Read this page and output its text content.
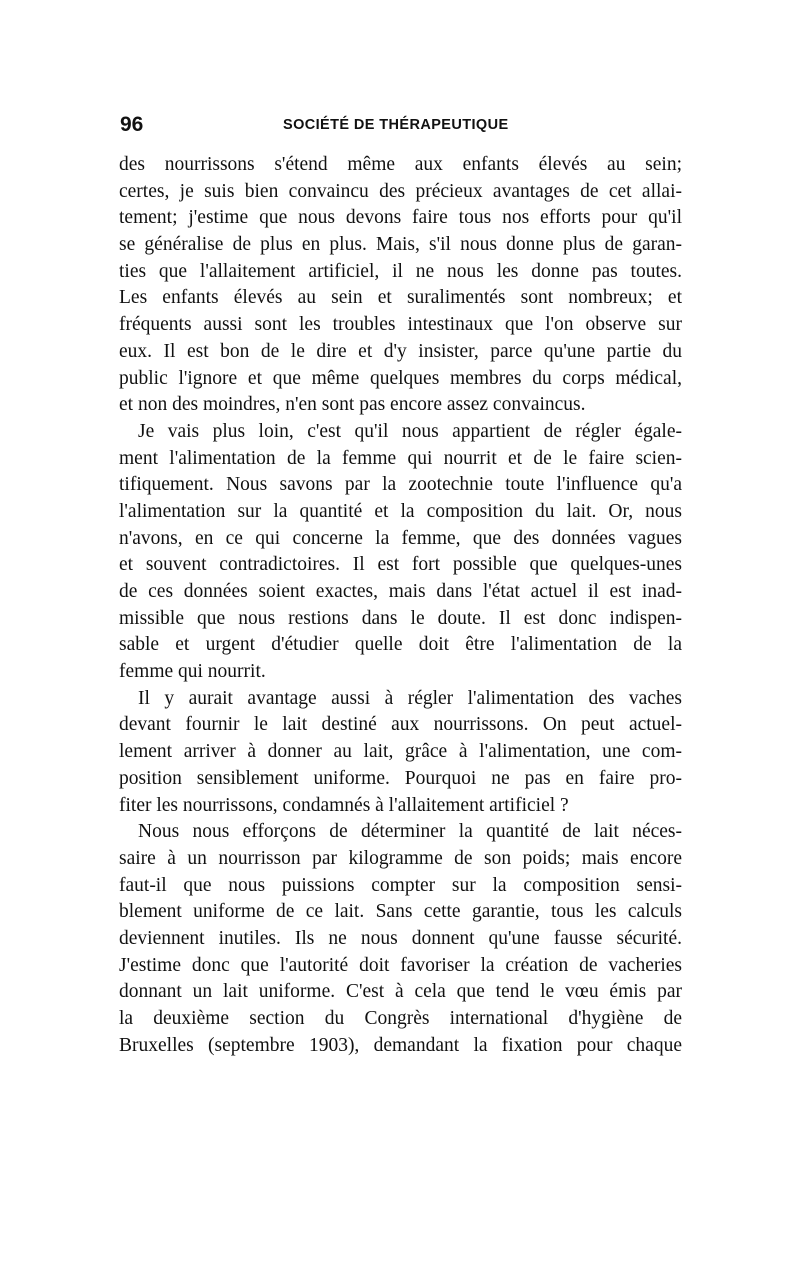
96	SOCIÉTÉ DE THÉRAPEUTIQUE
des nourrissons s'étend même aux enfants élevés au sein;
certes, je suis bien convaincu des précieux avantages de cet allai-
tement; j'estime que nous devons faire tous nos efforts pour qu'il
se généralise de plus en plus. Mais, s'il nous donne plus de garan-
ties que l'allaitement artificiel, il ne nous les donne pas toutes.
Les enfants élevés au sein et suralimentés sont nombreux; et
fréquents aussi sont les troubles intestinaux que l'on observe sur
eux. Il est bon de le dire et d'y insister, parce qu'une partie du
public l'ignore et que même quelques membres du corps médical,
et non des moindres, n'en sont pas encore assez convaincus.
Je vais plus loin, c'est qu'il nous appartient de régler égale-
ment l'alimentation de la femme qui nourrit et de le faire scien-
tifiquement. Nous savons par la zootechnie toute l'influence qu'a
l'alimentation sur la quantité et la composition du lait. Or, nous
n'avons, en ce qui concerne la femme, que des données vagues
et souvent contradictoires. Il est fort possible que quelques-unes
de ces données soient exactes, mais dans l'état actuel il est inad-
missible que nous restions dans le doute. Il est donc indispen-
sable et urgent d'étudier quelle doit être l'alimentation de la
femme qui nourrit.
Il y aurait avantage aussi à régler l'alimentation des vaches
devant fournir le lait destiné aux nourrissons. On peut actuel-
lement arriver à donner au lait, grâce à l'alimentation, une com-
position sensiblement uniforme. Pourquoi ne pas en faire pro-
fiter les nourrissons, condamnés à l'allaitement artificiel ?
Nous nous efforçons de déterminer la quantité de lait néces-
saire à un nourrisson par kilogramme de son poids; mais encore
faut-il que nous puissions compter sur la composition sensi-
blement uniforme de ce lait. Sans cette garantie, tous les calculs
deviennent inutiles. Ils ne nous donnent qu'une fausse sécurité.
J'estime donc que l'autorité doit favoriser la création de vacheries
donnant un lait uniforme. C'est à cela que tend le vœu émis par
la deuxième section du Congrès international d'hygiène de
Bruxelles (septembre 1903), demandant la fixation pour chaque
